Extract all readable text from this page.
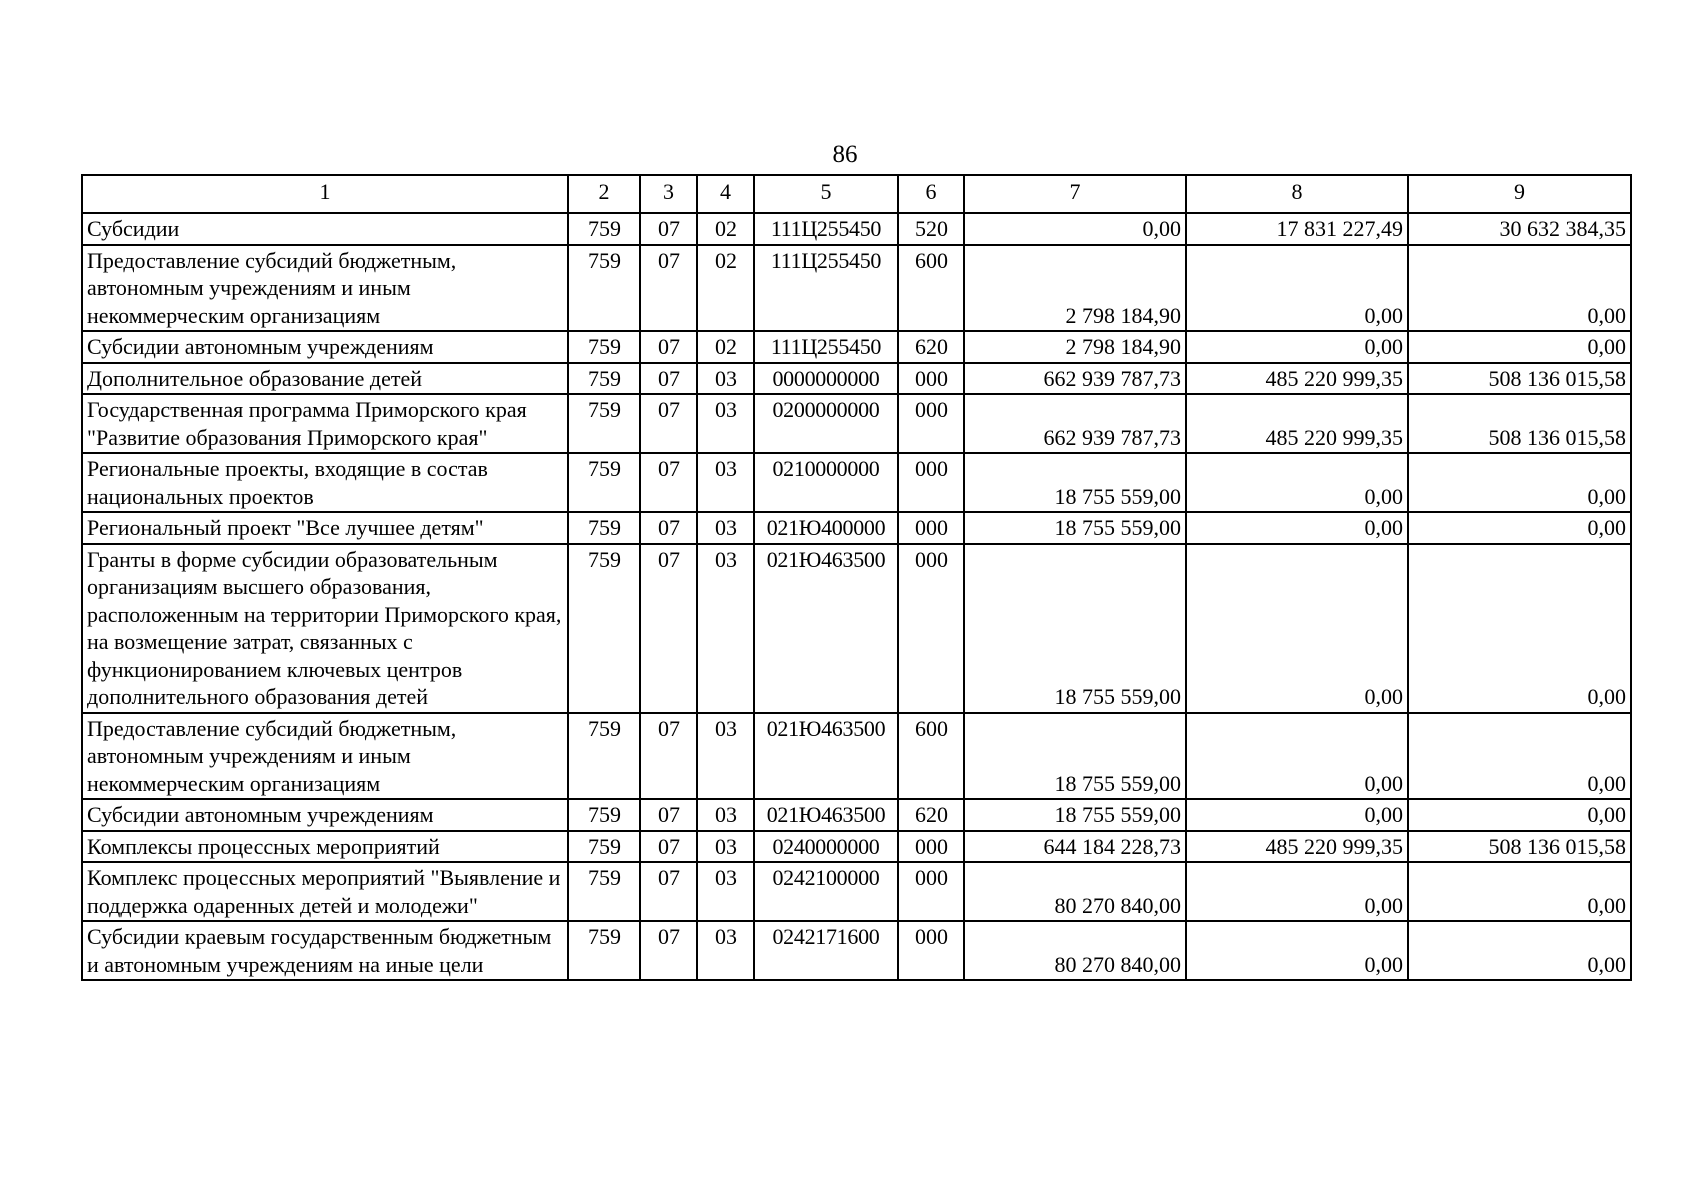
86
1	2	3	4	5	6	7	8	9
Субсидии	759	07	02	111Ц255450	520	0,00	17 831 227,49	30 632 384,35
Предоставление субсидий бюджетным, автономным учреждениям и иным некоммерческим организациям	759	07	02	111Ц255450	600	2 798 184,90	0,00	0,00
Субсидии автономным учреждениям	759	07	02	111Ц255450	620	2 798 184,90	0,00	0,00
Дополнительное образование детей	759	07	03	0000000000	000	662 939 787,73	485 220 999,35	508 136 015,58
Государственная программа Приморского края "Развитие образования Приморского края"	759	07	03	0200000000	000	662 939 787,73	485 220 999,35	508 136 015,58
Региональные проекты, входящие в состав национальных проектов	759	07	03	0210000000	000	18 755 559,00	0,00	0,00
Региональный проект "Все лучшее детям"	759	07	03	021Ю400000	000	18 755 559,00	0,00	0,00
Гранты в форме субсидии образовательным организациям высшего образования, расположенным на территории Приморского края, на возмещение затрат, связанных с функционированием ключевых центров дополнительного образования детей	759	07	03	021Ю463500	000	18 755 559,00	0,00	0,00
Предоставление субсидий бюджетным, автономным учреждениям и иным некоммерческим организациям	759	07	03	021Ю463500	600	18 755 559,00	0,00	0,00
Субсидии автономным учреждениям	759	07	03	021Ю463500	620	18 755 559,00	0,00	0,00
Комплексы процессных мероприятий	759	07	03	0240000000	000	644 184 228,73	485 220 999,35	508 136 015,58
Комплекс процессных мероприятий "Выявление и поддержка одаренных детей и молодежи"	759	07	03	0242100000	000	80 270 840,00	0,00	0,00
Субсидии краевым государственным бюджетным и автономным учреждениям на иные цели	759	07	03	0242171600	000	80 270 840,00	0,00	0,00
